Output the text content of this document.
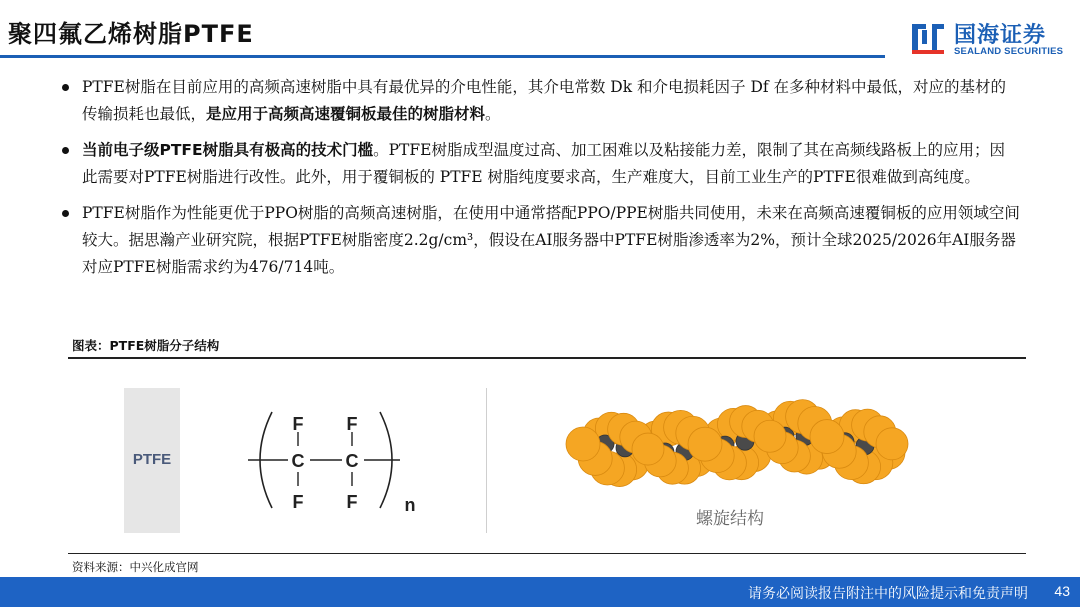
聚四氟乙烯树脂PTFE	国海证券
SEALAND SECURITIES
PTFE树脂在目前应用的高频高速树脂中具有最优异的介电性能，其介电常数 Dk 和介电损耗因子 Df 在多种材料中最低，对应的基材的传输损耗也最低，是应用于高频高速覆铜板最佳的树脂材料。
当前电子级PTFE树脂具有极高的技术门槛。PTFE树脂成型温度过高、加工困难以及粘接能力差，限制了其在高频线路板上的应用；因此需要对PTFE树脂进行改性。此外，用于覆铜板的 PTFE 树脂纯度要求高，生产难度大，目前工业生产的PTFE很难做到高纯度。
PTFE树脂作为性能更优于PPO树脂的高频高速树脂，在使用中通常搭配PPO/PPE树脂共同使用，未来在高频高速覆铜板的应用领域空间较大。据思瀚产业研究院，根据PTFE树脂密度2.2g/cm³，假设在AI服务器中PTFE树脂渗透率为2%，预计全球2025/2026年AI服务器对应PTFE树脂需求约为476/714吨。
图表：PTFE树脂分子结构
PTFE
F F
C C
F F	n
螺旋结构
资料来源：中兴化成官网
请务必阅读报告附注中的风险提示和免责声明 43
